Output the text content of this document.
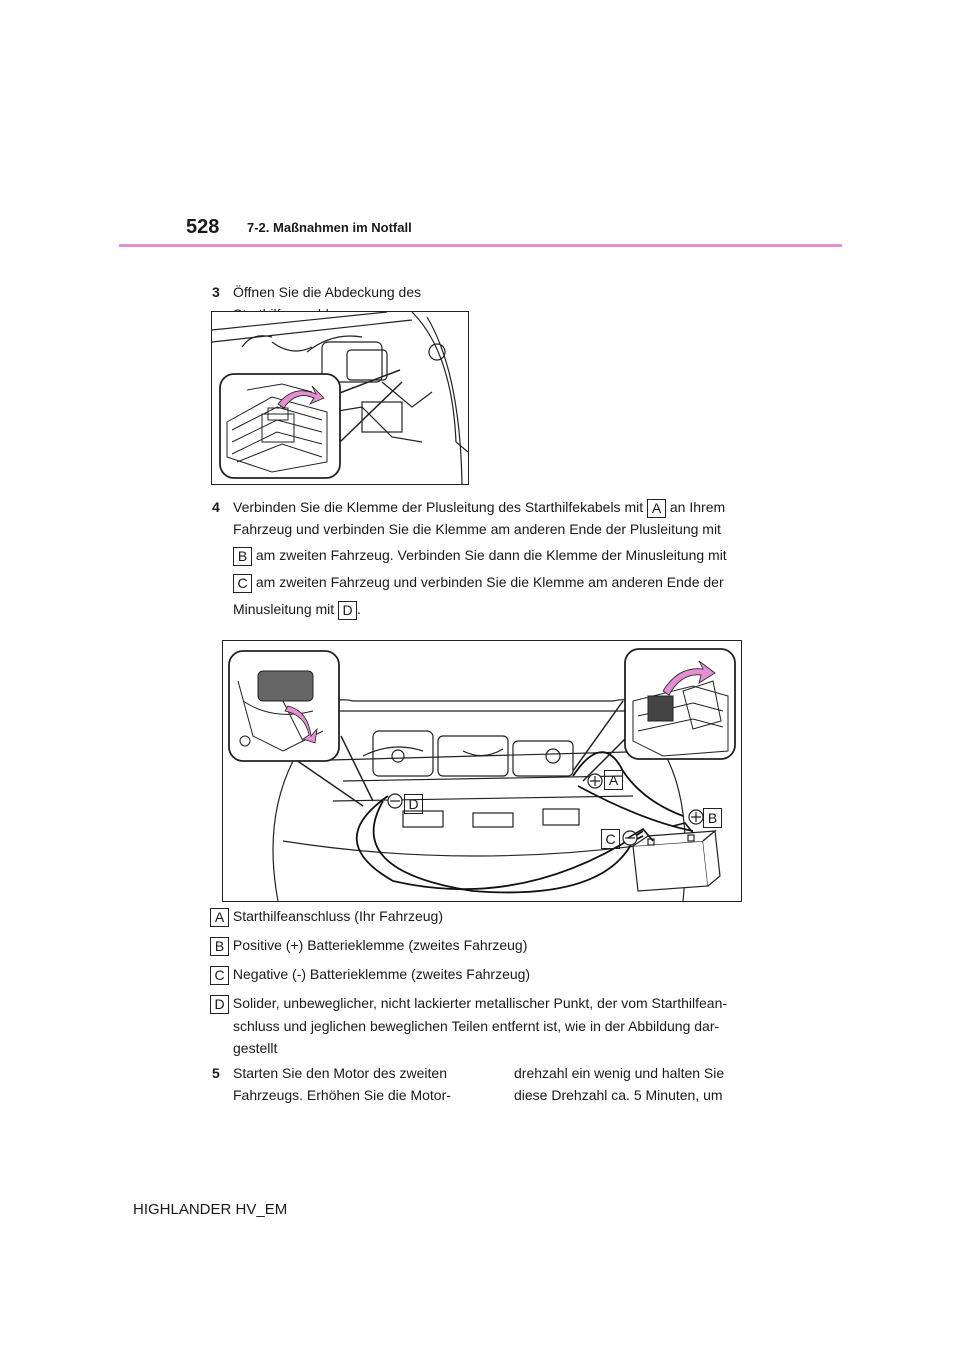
528 7-2. Maßnahmen im Notfall
3 Öffnen Sie die Abdeckung des
4 Verbinden Sie die Klemme der Plusleitung des Starthilfekabels mit A an Ihrem
Fahrzeug und verbinden Sie die Klemme am anderen Ende der Plusleitung mit
B am zweiten Fahrzeug. Verbinden Sie dann die Klemme der Minusleitung mit
C am zweiten Fahrzeug und verbinden Sie die Klemme am anderen Ende der
Minusleitung mit D .
A
B
C
D
A Starthilfeanschluss (Ihr Fahrzeug)
B Positive (+) Batterieklemme (zweites Fahrzeug)
C Negative (-) Batterieklemme (zweites Fahrzeug)
D Solider, unbeweglicher, nicht lackierter metallischer Punkt, der vom Starthilfean-
schluss und jeglichen beweglichen Teilen entfernt ist, wie in der Abbildung dar-
gestellt
5 Starten Sie den Motor des zweiten
Fahrzeugs. Erhöhen Sie die Motor-
drehzahl ein wenig und halten Sie
diese Drehzahl ca. 5 Minuten, um
HIGHLANDER HV_EM
